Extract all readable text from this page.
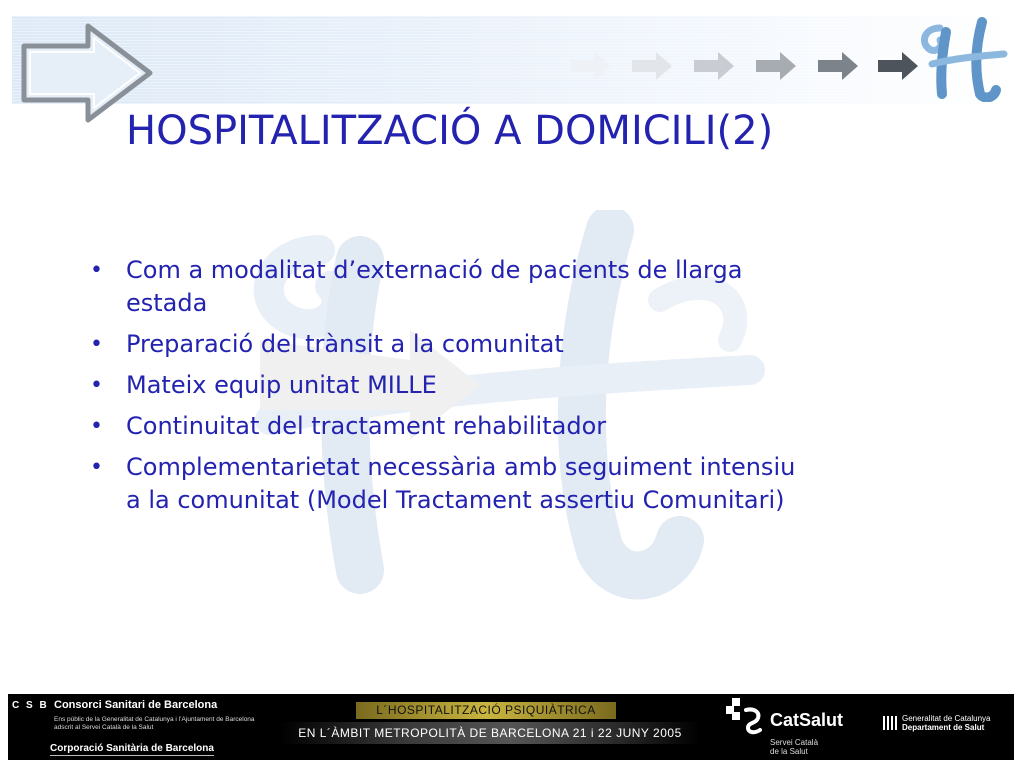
HOSPITALITZACIÓ A DOMICILI(2)
• Com a modalitat d’externació de pacients de llarga
estada
• Preparació del trànsit a la comunitat
• Mateix equip unitat MILLE
• Continuitat del tractament rehabilitador
• Complementarietat necessària amb seguiment intensiu
a la comunitat (Model Tractament assertiu Comunitari)
C S B Consorci Sanitari de Barcelona
Ens públic de la Generalitat de Catalunya i l’Ajuntament de Barcelona
adscrit al Servei Català de la Salut
Corporació Sanitària de Barcelona
L´HOSPITALITZACIÓ PSIQUIÀTRICA
EN L´ÀMBIT METROPOLITÀ DE BARCELONA 21 i 22 JUNY 2005
CatSalut
Servei Català
de la Salut
Generalitat de Catalunya
Departament de Salut
